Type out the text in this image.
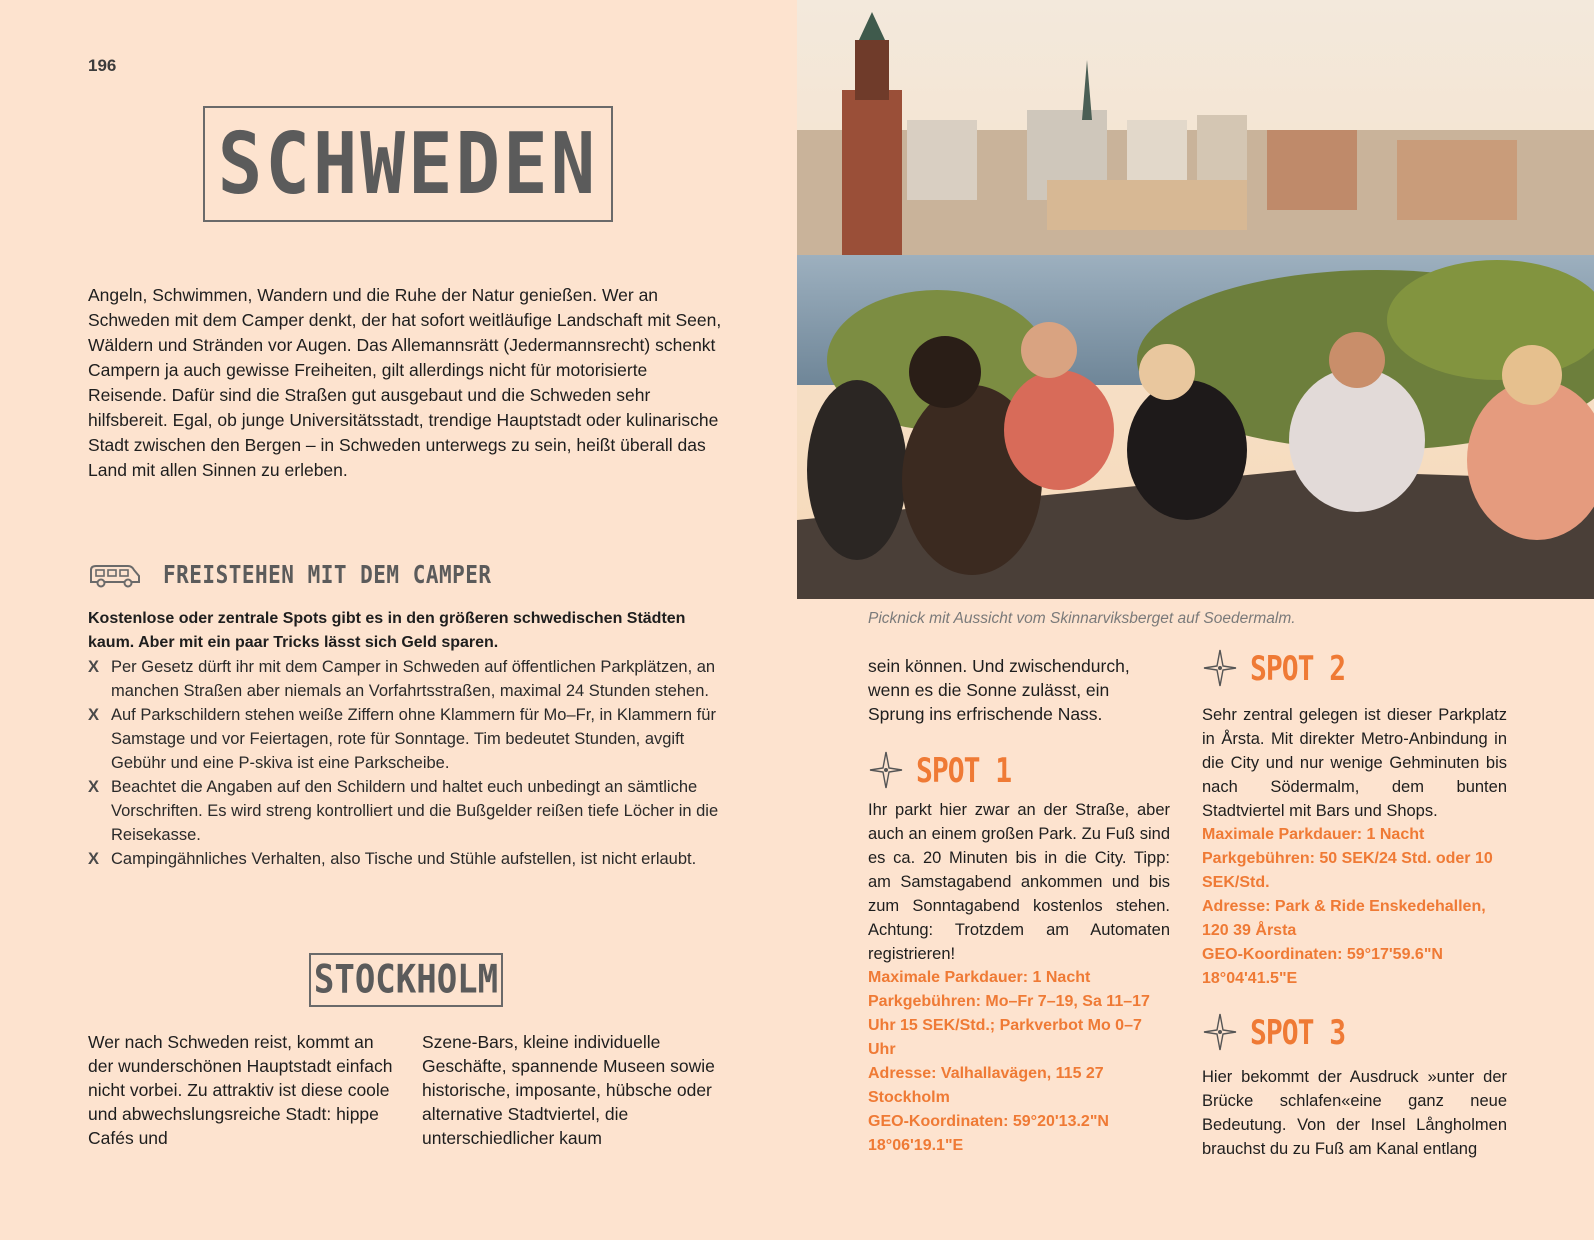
196
SCHWEDEN

Angeln, Schwimmen, Wandern und die Ruhe der Natur genießen. Wer an Schweden mit dem Camper denkt, der hat sofort weitläufige Landschaft mit Seen, Wäldern und Stränden vor Augen. Das Allemannsrätt (Jedermannsrecht) schenkt Campern ja auch gewisse Freiheiten, gilt allerdings nicht für motorisierte Reisende. Dafür sind die Straßen gut ausgebaut und die Schweden sehr hilfsbereit. Egal, ob junge Universitätsstadt, trendige Hauptstadt oder kulinarische Stadt zwischen den Bergen – in Schweden unterwegs zu sein, heißt überall das Land mit allen Sinnen zu erleben.

FREISTEHEN MIT DEM CAMPER
Kostenlose oder zentrale Spots gibt es in den größeren schwedischen Städten kaum. Aber mit ein paar Tricks lässt sich Geld sparen.
X Per Gesetz dürft ihr mit dem Camper in Schweden auf öffentlichen Parkplätzen, an manchen Straßen aber niemals an Vorfahrtsstraßen, maximal 24 Stunden stehen.
X Auf Parkschildern stehen weiße Ziffern ohne Klammern für Mo–Fr, in Klammern für Samstage und vor Feiertagen, rote für Sonntage. Tim bedeutet Stunden, avgift Gebühr und eine P-skiva ist eine Parkscheibe.
X Beachtet die Angaben auf den Schildern und haltet euch unbedingt an sämtliche Vorschriften. Es wird streng kontrolliert und die Bußgelder reißen tiefe Löcher in die Reisekasse.
X Campingähnliches Verhalten, also Tische und Stühle aufstellen, ist nicht erlaubt.
STOCKHOLM

Wer nach Schweden reist, kommt an der wunderschönen Hauptstadt einfach nicht vorbei. Zu attraktiv ist diese coole und abwechslungsreiche Stadt: hippe Cafés und

Szene-Bars, kleine individuelle Geschäfte, spannende Museen sowie historische, imposante, hübsche oder alternative Stadtviertel, die unterschiedlicher kaum

Picknick mit Aussicht vom Skinnarviksberget auf Soedermalm.

sein können. Und zwischendurch, wenn es die Sonne zulässt, ein Sprung ins erfrischende Nass.

SPOT 1

Ihr parkt hier zwar an der Straße, aber auch an einem großen Park. Zu Fuß sind es ca. 20 Minuten bis in die City. Tipp: am Samstagabend ankommen und bis zum Sonntagabend kostenlos stehen. Achtung: Trotzdem am Automaten registrieren!

Maximale Parkdauer: 1 Nacht

Parkgebühren: Mo–Fr 7–19, Sa 11–17 Uhr 15 SEK/Std.; Parkverbot Mo 0–7 Uhr

Adresse: Valhallavägen, 115 27 Stockholm

GEO-Koordinaten: 59°20'13.2"N 18°06'19.1"E

SPOT 2

Sehr zentral gelegen ist dieser Parkplatz in Årsta. Mit direkter Metro-Anbindung in die City und nur wenige Gehminuten bis nach Södermalm, dem bunten Stadtviertel mit Bars und Shops.

Maximale Parkdauer: 1 Nacht

Parkgebühren: 50 SEK/24 Std. oder 10 SEK/Std.

Adresse: Park & Ride Enskedehallen, 120 39 Årsta

GEO-Koordinaten: 59°17'59.6"N 18°04'41.5"E

SPOT 3

Hier bekommt der Ausdruck »unter der Brücke schlafen«eine ganz neue Bedeutung. Von der Insel Långholmen brauchst du zu Fuß am Kanal entlang
